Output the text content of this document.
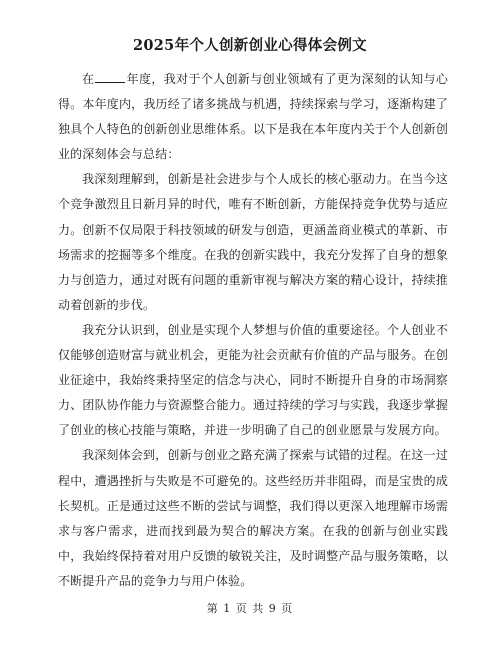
2025年个人创新创业心得体会例文

在	年度，我对于个人创新与创业领域有了更为深刻的认知与心得。本年度内，我历经了诸多挑战与机遇，持续探索与学习，逐渐构建了独具个人特色的创新创业思维体系。以下是我在本年度内关于个人创新创业的深刻体会与总结：

我深刻理解到，创新是社会进步与个人成长的核心驱动力。在当今这个竞争激烈且日新月异的时代，唯有不断创新，方能保持竞争优势与适应力。创新不仅局限于科技领域的研发与创造，更涵盖商业模式的革新、市场需求的挖掘等多个维度。在我的创新实践中，我充分发挥了自身的想象力与创造力，通过对既有问题的重新审视与解决方案的精心设计，持续推动着创新的步伐。

我充分认识到，创业是实现个人梦想与价值的重要途径。个人创业不仅能够创造财富与就业机会，更能为社会贡献有价值的产品与服务。在创业征途中，我始终秉持坚定的信念与决心，同时不断提升自身的市场洞察力、团队协作能力与资源整合能力。通过持续的学习与实践，我逐步掌握了创业的核心技能与策略，并进一步明确了自己的创业愿景与发展方向。

我深刻体会到，创新与创业之路充满了探索与试错的过程。在这一过程中，遭遇挫折与失败是不可避免的。这些经历并非阻碍，而是宝贵的成长契机。正是通过这些不断的尝试与调整，我们得以更深入地理解市场需求与客户需求，进而找到最为契合的解决方案。在我的创新与创业实践中，我始终保持着对用户反馈的敏锐关注，及时调整产品与服务策略，以不断提升产品的竞争力与用户体验。

第 1 页 共 9 页
